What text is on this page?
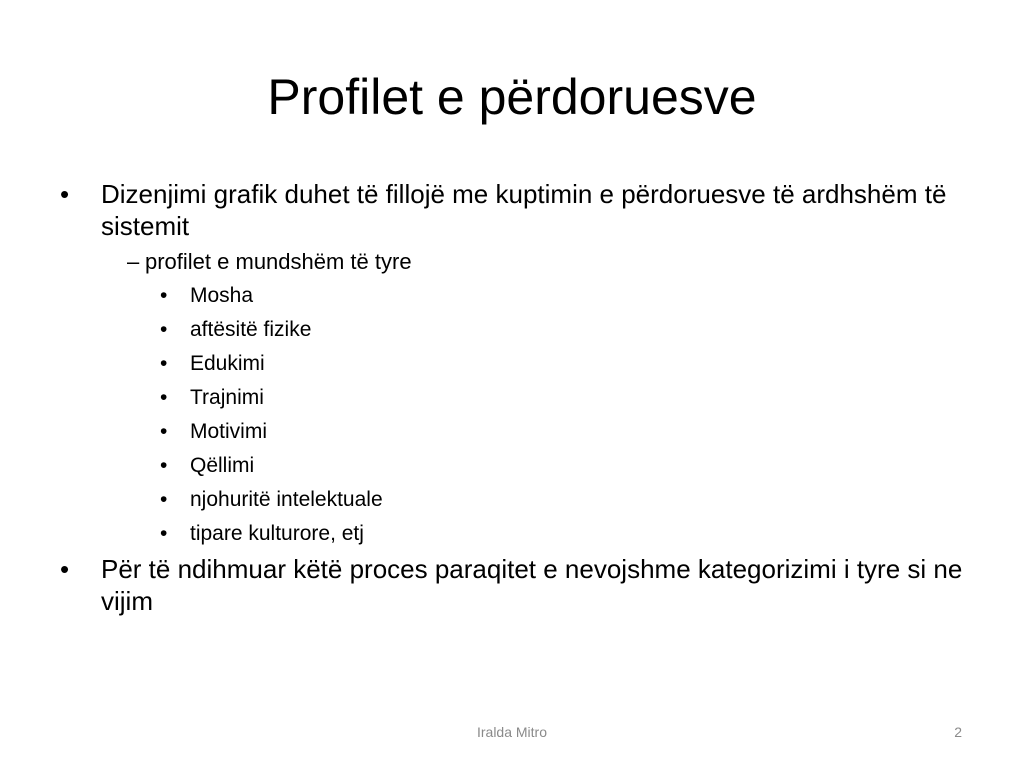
Profilet e përdoruesve
•	Dizenjimi grafik duhet të fillojë me kuptimin e përdoruesve të ardhshëm të sistemit
– profilet e mundshëm të tyre
• Mosha
• aftësitë fizike
• Edukimi
• Trajnimi
• Motivimi
• Qëllimi
• njohuritë intelektuale
• tipare kulturore, etj
•	Për të ndihmuar këtë proces paraqitet e nevojshme kategorizimi i tyre si ne vijim
Iralda Mitro	2
